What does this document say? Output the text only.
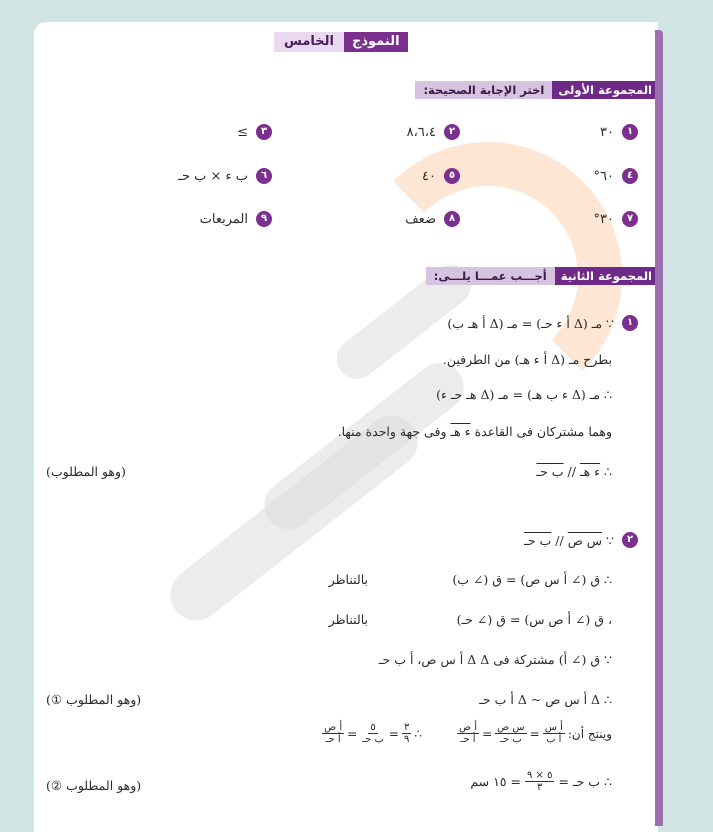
النموذج
الخامس
المجموعة الأولى
اختر الإجابة الصحيحة:
١
٣٠
٢
٨،٦،٤
٣
≥
٤
٦٠°
٥
٤٠
٦
ب ء × ب حـ
٧
٣٠°
٨
ضعف
٩
المربعات
المجموعة الثانية
أجـــب عمـــا يلـــى:
١
∵ مـ (Δ أ ء حـ) = مـ (Δ أ هـ ب)
بطرح مـ (Δ أ ء هـ) من الطرفين.
∴ مـ (Δ ء ب هـ) = مـ (Δ هـ حـ ء)
وهما مشتركان فى القاعدة ء هـ وفى جهة واحدة منها.
∴ ء هـ // ب حـ
(وهو المطلوب)
٢
∵

س ص

//

ب حـ
∴ ق (∠ أ س ص) = ق (∠ ب)
بالتناظر
، ق (∠ أ ص س) = ق (∠ حـ)
بالتناظر
∵ ق (∠ أ) مشتركة فى Δ Δ أ س ص، أ ب حـ
∴ Δ أ س ص ~ Δ أ ب حـ
(وهو المطلوب ①)
وينتج أن:
أ س
أ ب
=
س ص
ب حـ
=
أ ص
أ حـ
∴
٣
٩
=
٥
ب حـ
=
أ ص
أ حـ
∴ ب حـ =
٥ × ٩
٣
= ١٥ سم
(وهو المطلوب ②)
